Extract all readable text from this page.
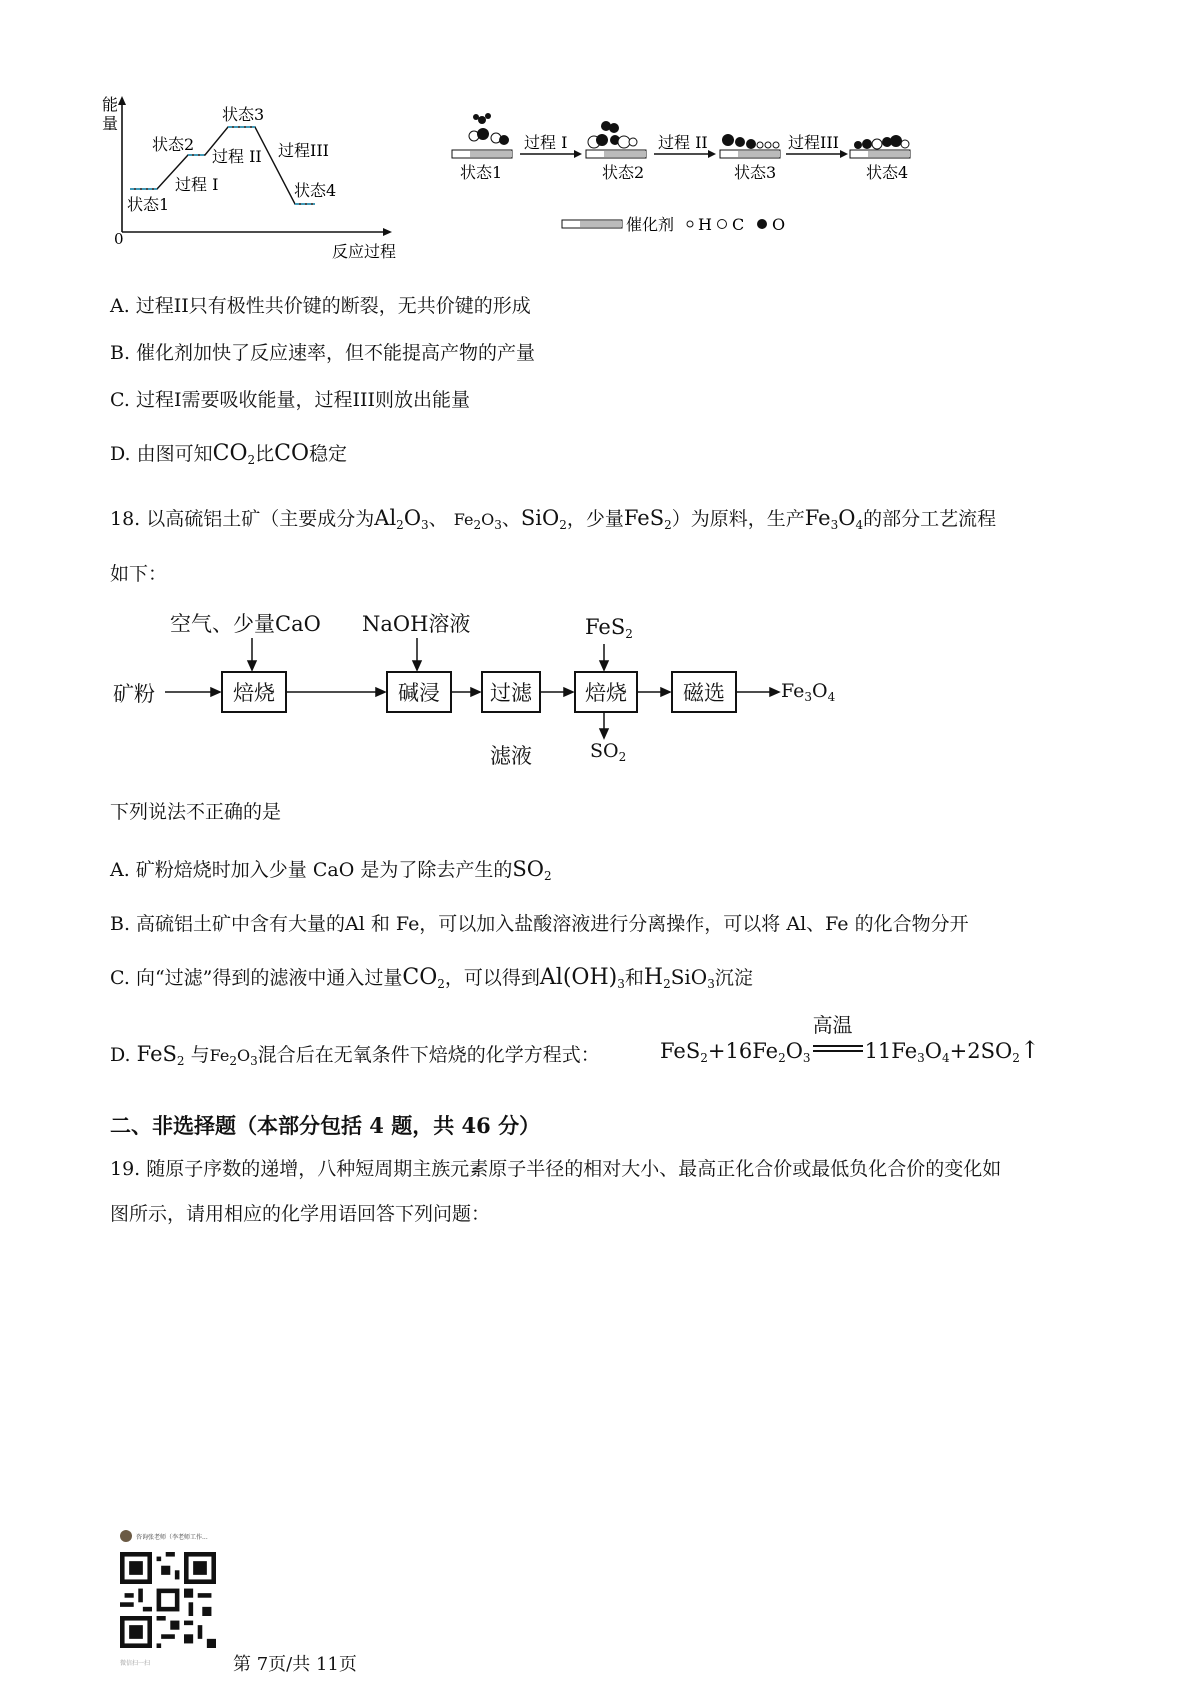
能
量
0
反应过程
状态1
状态2
状态3
状态4
过程 I
过程 II 过程III	过程 I	过程 II	过程III
状态1	状态2	状态3	状态4
催化剂 H C O
A. 过程II只有极性共价键的断裂，无共价键的形成
B. 催化剂加快了反应速率，但不能提高产物的产量
C. 过程I需要吸收能量，过程III则放出能量
D. 由图可知$CO_2$比CO稳定
18. 以高硫铝土矿（主要成分为$Al_2O_3$、 $Fe_2O_3$、SiO$_2$，少量FeS$_2$）为原料，生产$Fe_3O_4$的部分工艺流程
如下：
空气、少量CaO NaOH溶液	FeS$_2$
矿粉	焙烧	碱浸	过滤	焙烧	磁选	$Fe_3O_4$
滤液	$SO_2$
下列说法不正确的是
A. 矿粉焙烧时加入少量 CaO 是为了除去产生的$SO_2$
B. 高硫铝土矿中含有大量的Al 和 Fe，可以加入盐酸溶液进行分离操作，可以将 Al、Fe 的化合物分开
C. 向“过滤”得到的滤液中通入过量$CO_2$，可以得到$Al(OH)_3$和$H_2SiO_3$沉淀
D. FeS$_2$ 与$Fe_2O_3$混合后在无氧条件下焙烧的化学方程式：	$FeS_2+16Fe_2O_3$
高温
$11Fe_3O_4+2SO_2↑$
二、非选择题（本部分包括 4 题，共 46 分）
19. 随原子序数的递增，八种短周期主族元素原子半径的相对大小、最高正化合价或最低负化合价的变化如
图所示，请用相应的化学用语回答下列问题：
咨询张老师（李老师工作...
微信扫一扫	第 7页/共 11页
